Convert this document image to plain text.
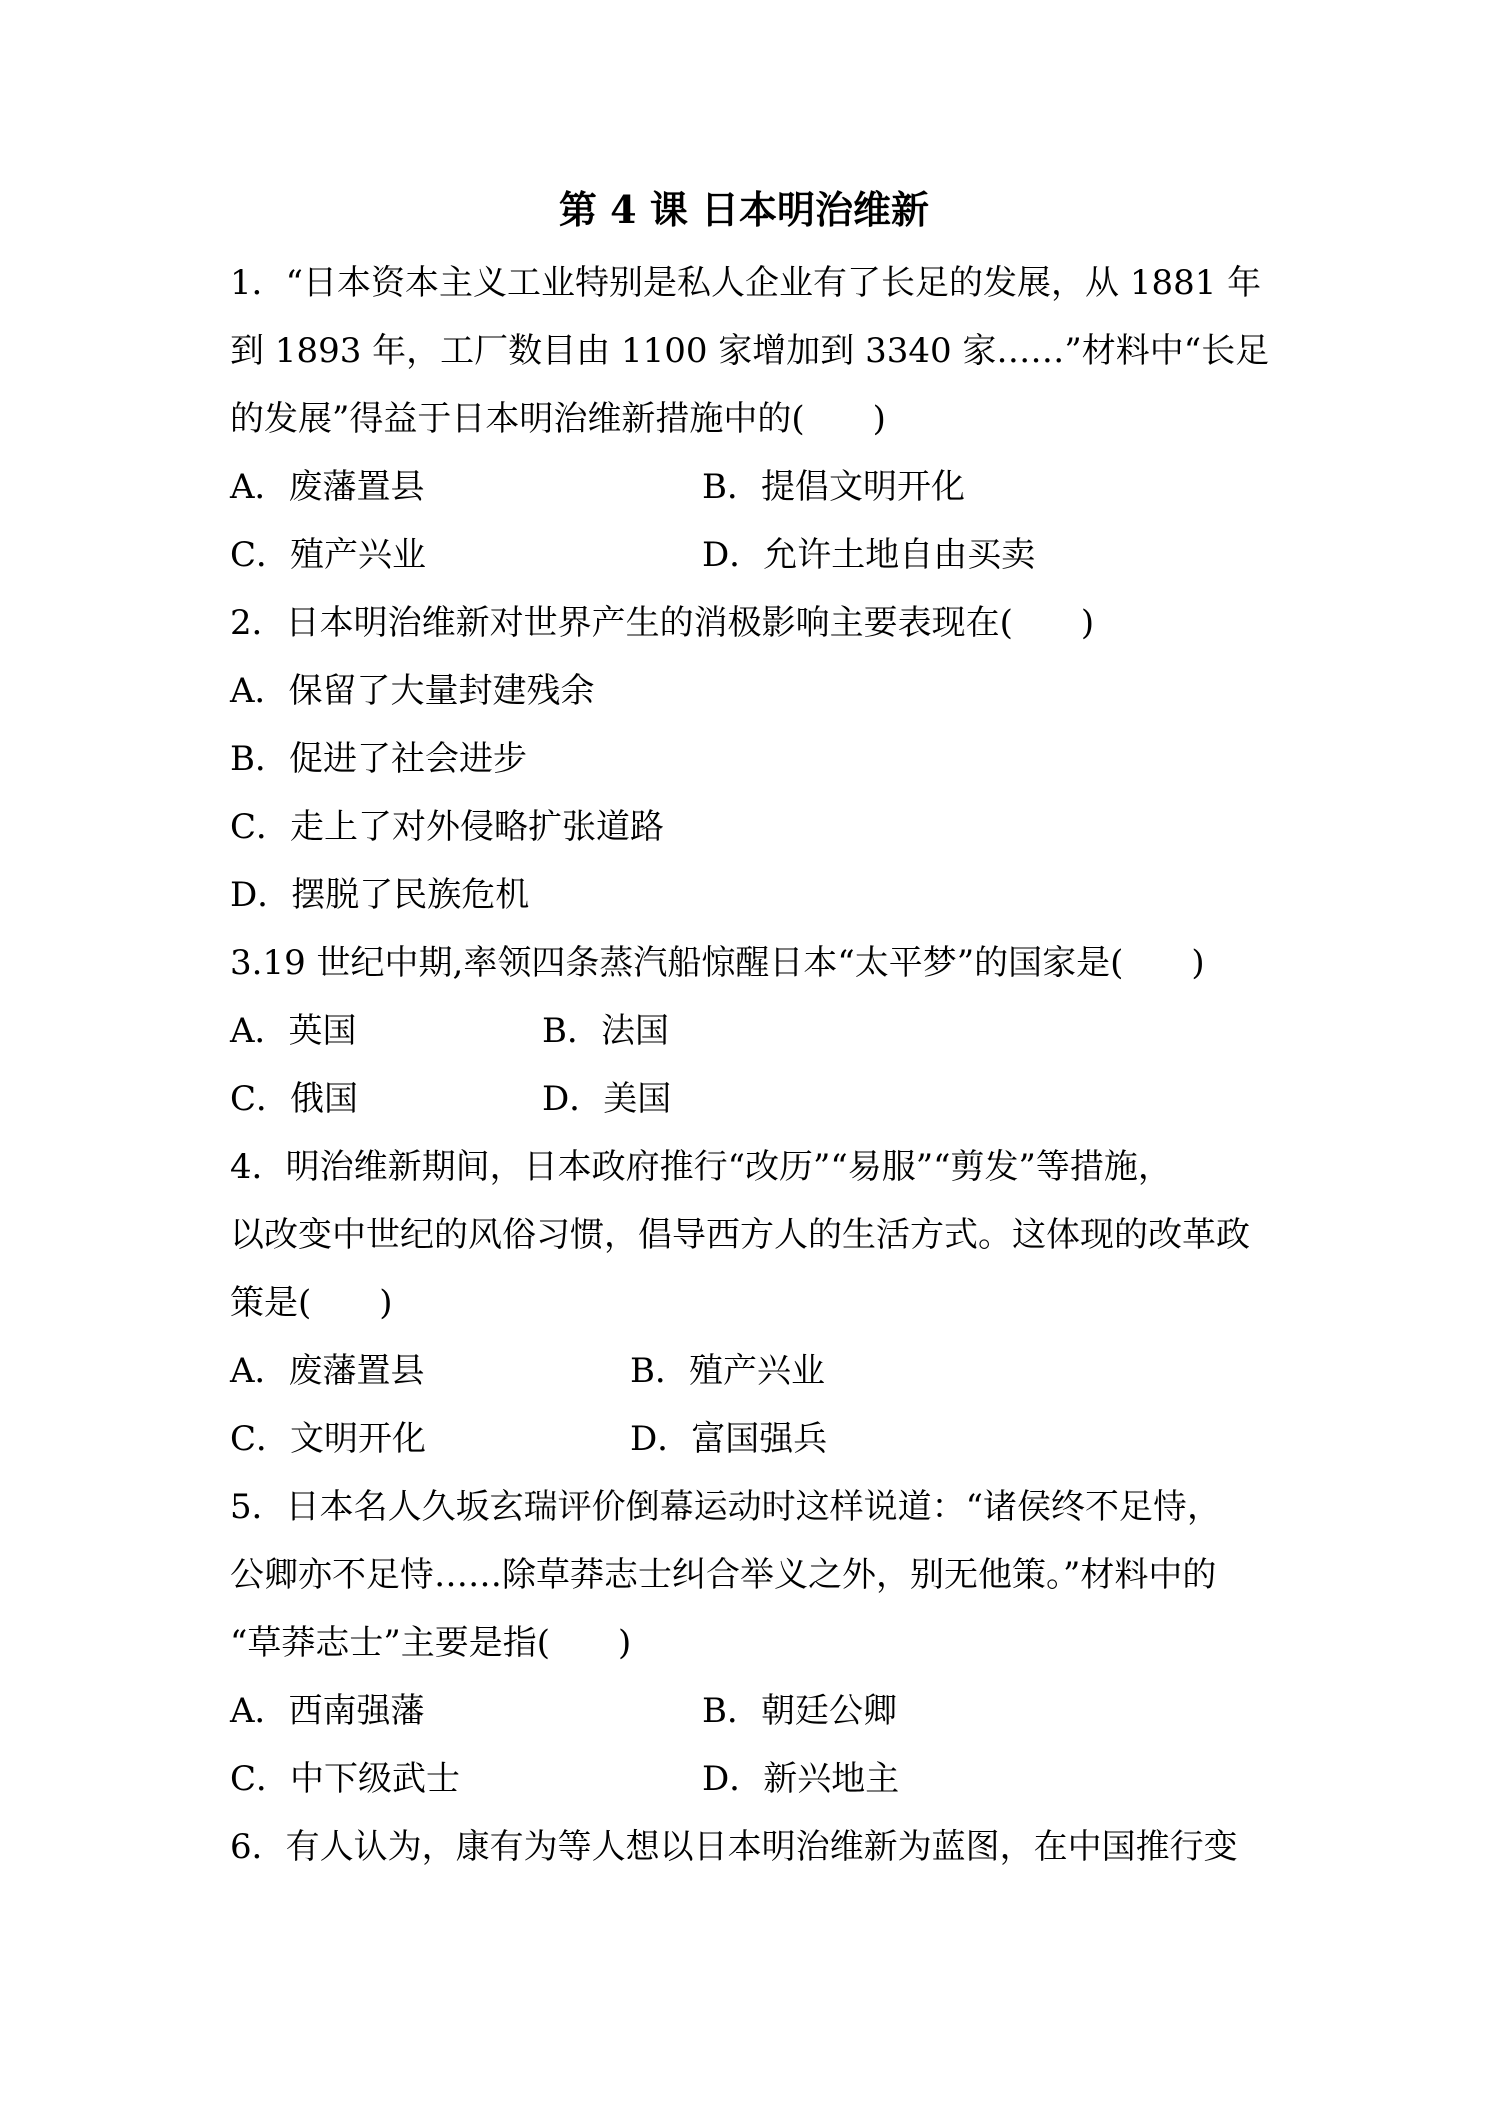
第 4 课 日本明治维新
1．“日本资本主义工业特别是私人企业有了长足的发展，从 1881 年
到 1893 年，工厂数目由 1100 家增加到 3340 家……”材料中“长足
的发展”得益于日本明治维新措施中的(　　)
A．废藩置县	B．提倡文明开化
C．殖产兴业	D．允许土地自由买卖
2．日本明治维新对世界产生的消极影响主要表现在(　　)
A．保留了大量封建残余
B．促进了社会进步
C．走上了对外侵略扩张道路
D．摆脱了民族危机
3.19 世纪中期,率领四条蒸汽船惊醒日本“太平梦”的国家是(　　)
A．英国	B．法国
C．俄国	D．美国
4．明治维新期间，日本政府推行“改历”“易服”“剪发”等措施，
以改变中世纪的风俗习惯，倡导西方人的生活方式。这体现的改革政
策是(　　)
A．废藩置县	B．殖产兴业
C．文明开化	D．富国强兵
5．日本名人久坂玄瑞评价倒幕运动时这样说道：“诸侯终不足恃，
公卿亦不足恃……除草莽志士纠合举义之外，别无他策。”材料中的
“草莽志士”主要是指(　　)
A．西南强藩	B．朝廷公卿
C．中下级武士	D．新兴地主
6．有人认为，康有为等人想以日本明治维新为蓝图，在中国推行变
